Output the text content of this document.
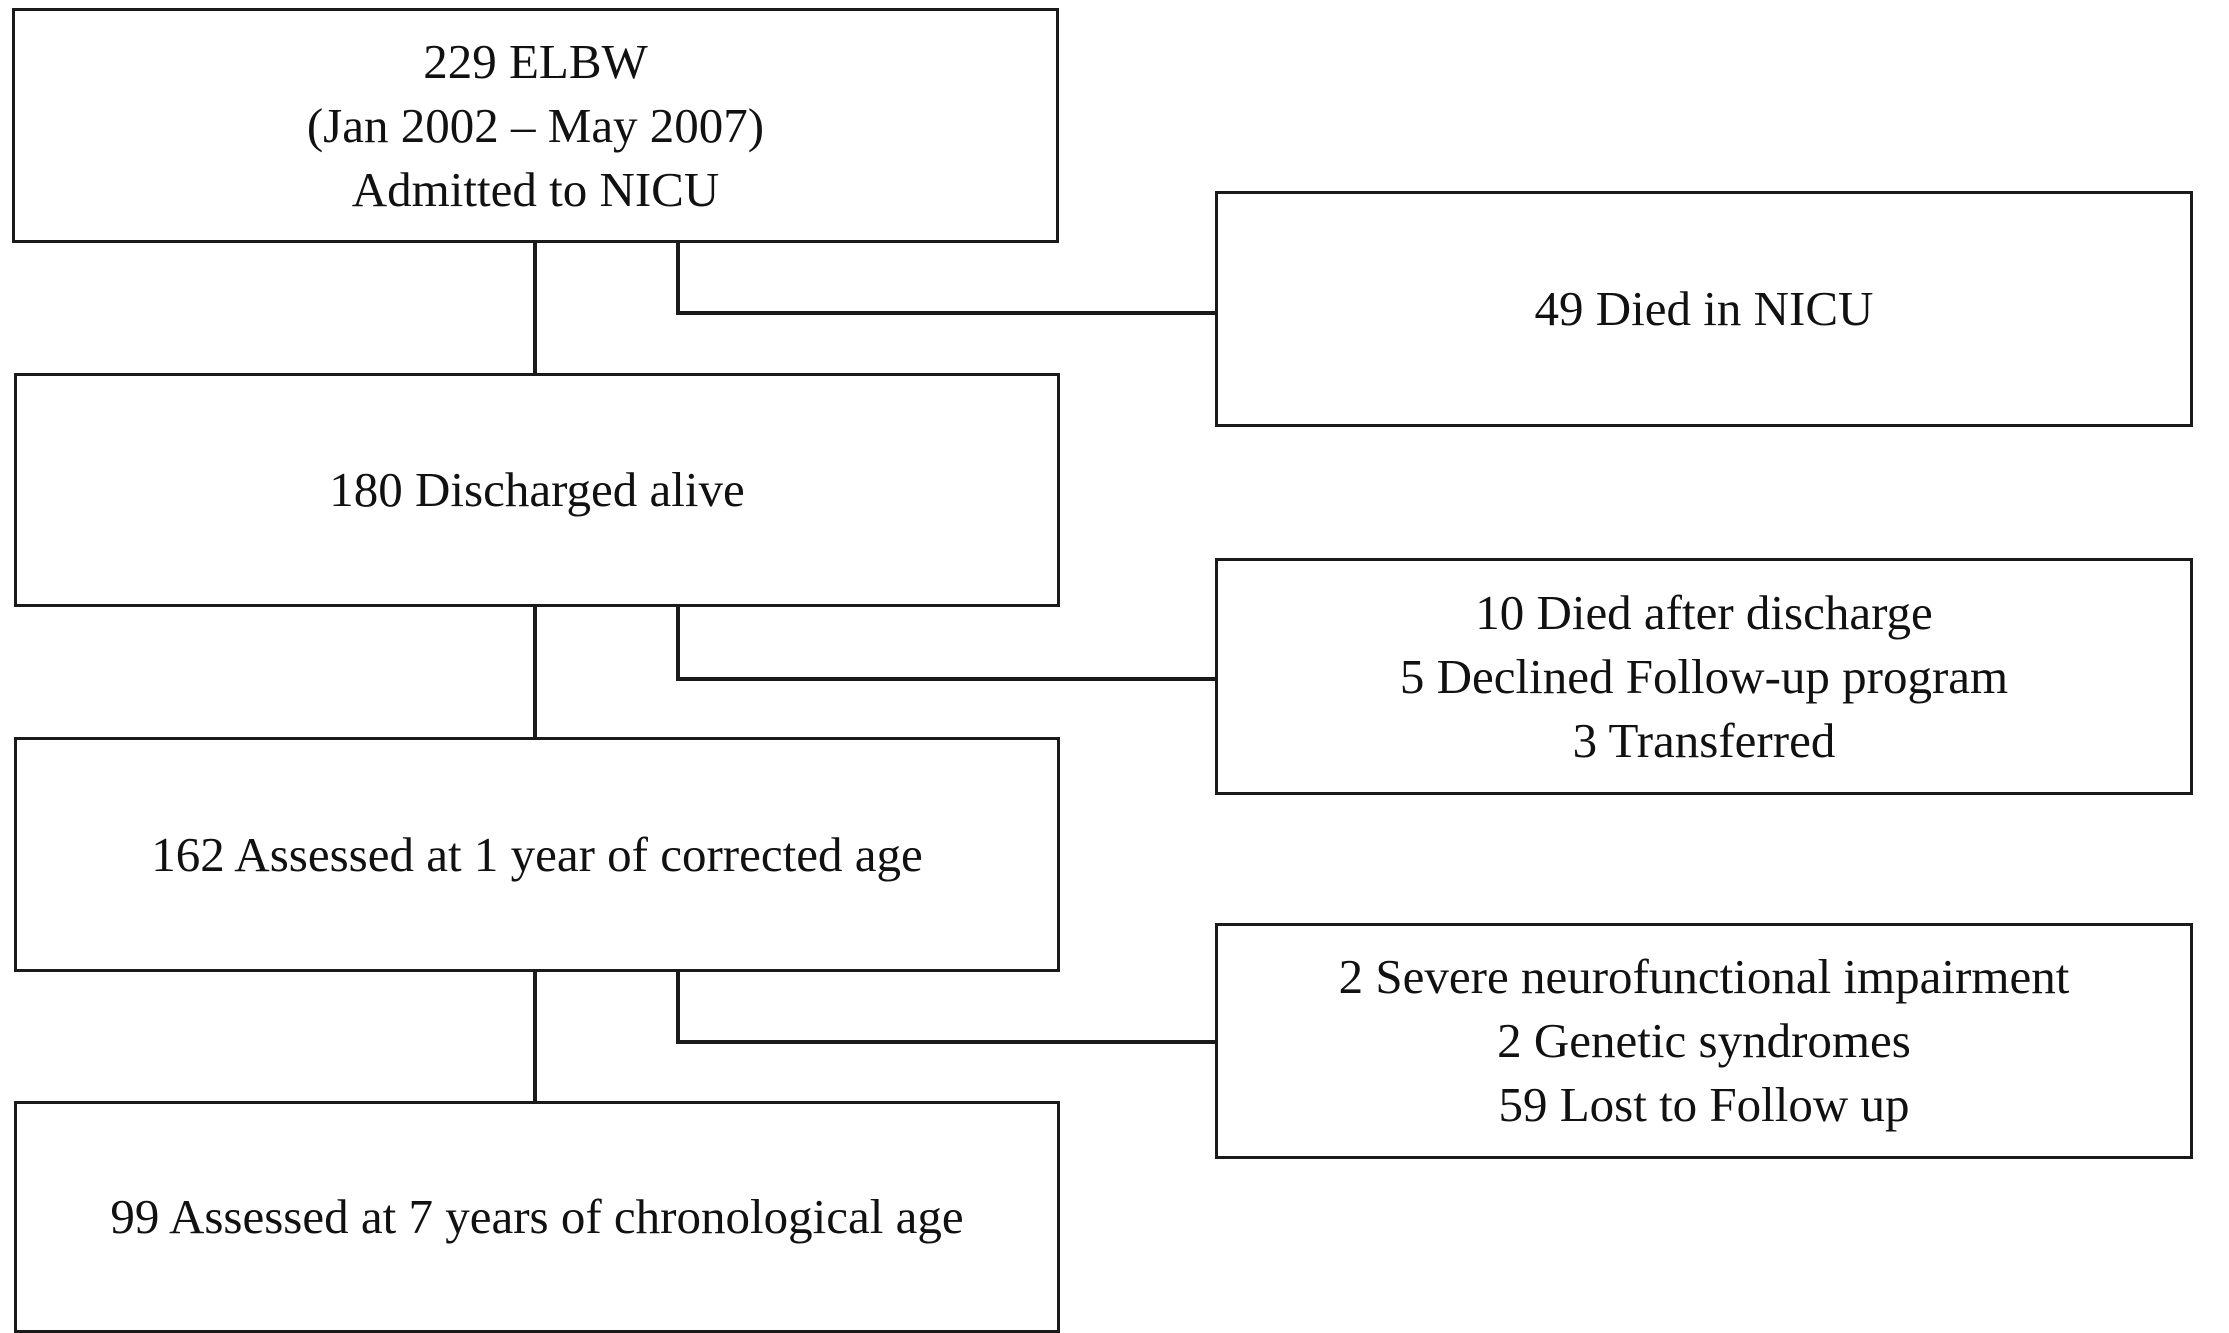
229 ELBW
(Jan 2002 – May 2007)
Admitted to NICU
180 Discharged alive
162 Assessed at 1 year of corrected age
99 Assessed at 7 years of chronological age
49 Died in NICU
10 Died after discharge
5 Declined Follow-up program
3 Transferred
2 Severe neurofunctional impairment
2 Genetic syndromes
59 Lost to Follow up
